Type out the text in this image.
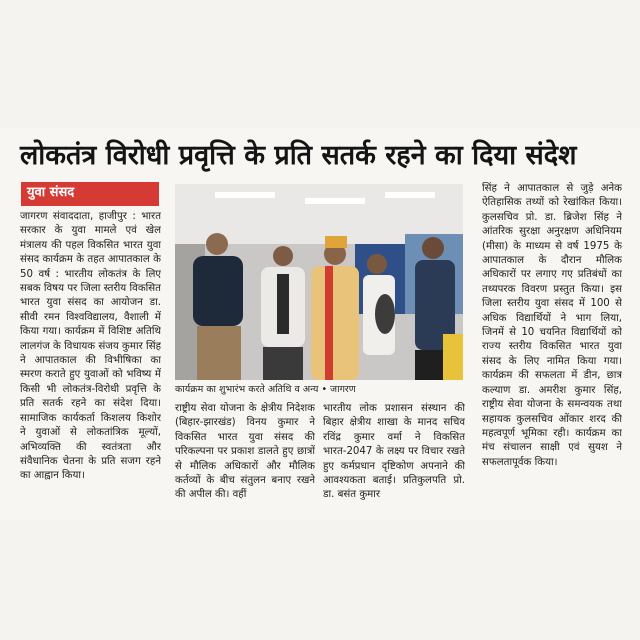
लोकतंत्र विरोधी प्रवृत्ति के प्रति सतर्क रहने का दिया संदेश
युवा संसद

जागरण संवाददाता, हाजीपुर : भारत सरकार के युवा मामले एवं खेल मंत्रालय की पहल विकसित भारत युवा संसद कार्यक्रम के तहत आपातकाल के 50 वर्ष : भारतीय लोकतंत्र के लिए सबक विषय पर जिला स्तरीय विकसित भारत युवा संसद का आयोजन डा. सीवी रमन विश्वविद्यालय, वैशाली में किया गया। कार्यक्रम में विशिष्ट अतिथि लालगंज के विधायक संजय कुमार सिंह ने आपातकाल की विभीषिका का स्मरण कराते हुए युवाओं को भविष्य में किसी भी लोकतंत्र-विरोधी प्रवृत्ति के प्रति सतर्क रहने का संदेश दिया। सामाजिक कार्यकर्ता किशलय किशोर ने युवाओं से लोकतांत्रिक मूल्यों, अभिव्यक्ति की स्वतंत्रता और संवैधानिक चेतना के प्रति सजग रहने का आह्वान किया।

कार्यक्रम का शुभारंभ करते अतिथि व अन्य • जागरण

राष्ट्रीय सेवा योजना के क्षेत्रीय निदेशक (बिहार-झारखंड) विनय कुमार ने विकसित भारत युवा संसद की परिकल्पना पर प्रकाश डालते हुए छात्रों से मौलिक अधिकारों और मौलिक कर्तव्यों के बीच संतुलन बनाए रखने की अपील की। वहीं

भारतीय लोक प्रशासन संस्थान की बिहार क्षेत्रीय शाखा के मानद सचिव रविंद्र कुमार वर्मा ने विकसित भारत-2047 के लक्ष्य पर विचार रखते हुए कर्मप्रधान दृष्टिकोण अपनाने की आवश्यकता बताई। प्रतिकुलपति प्रो. डा. बसंत कुमार

सिंह ने आपातकाल से जुड़े अनेक ऐतिहासिक तथ्यों को रेखांकित किया। कुलसचिव प्रो. डा. ब्रिजेश सिंह ने आंतरिक सुरक्षा अनुरक्षण अधिनियम (मीसा) के माध्यम से वर्ष 1975 के आपातकाल के दौरान मौलिक अधिकारों पर लगाए गए प्रतिबंधों का तथ्यपरक विवरण प्रस्तुत किया। इस जिला स्तरीय युवा संसद में 100 से अधिक विद्यार्थियों ने भाग लिया, जिनमें से 10 चयनित विद्यार्थियों को राज्य स्तरीय विकसित भारत युवा संसद के लिए नामित किया गया। कार्यक्रम की सफलता में डीन, छात्र कल्याण डा. अमरीश कुमार सिंह, राष्ट्रीय सेवा योजना के समन्वयक तथा सहायक कुलसचिव ओंकार शरद की महत्वपूर्ण भूमिका रही। कार्यक्रम का मंच संचालन साक्षी एवं सुयश ने सफलतापूर्वक किया।
